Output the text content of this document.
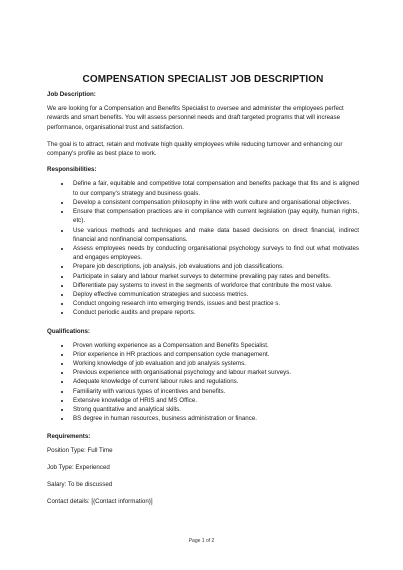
COMPENSATION SPECIALIST JOB DESCRIPTION
Job Description:

We are looking for a Compensation and Benefits Specialist to oversee and administer the employees perfect rewards and smart benefits. You will assess personnel needs and draft targeted programs that will increase performance, organisational trust and satisfaction.

The goal is to attract, retain and motivate high quality employees while reducing turnover and enhancing our company's profile as best place to work.

Responsibilities:
• Define a fair, equitable and competitive total compensation and benefits package that fits and is aligned to our company's strategy and business goals.
• Develop a consistent compensation philosophy in line with work culture and organisational objectives.
• Ensure that compensation practices are in compliance with current legislation (pay equity, human rights, etc).
• Use various methods and techniques and make data based decisions on direct financial, indirect financial and nonfinancial compensations.
• Assess employees needs by conducting organisational psychology surveys to find out what motivates and engages employees.
• Prepare job descriptions, job analysis, job evaluations and job classifications.
• Participate in salary and labour market surveys to determine prevailing pay rates and benefits.
• Differentiate pay systems to invest in the segments of workforce that contribute the most value.
• Deploy effective communication strategies and success metrics.
• Conduct ongoing research into emerging trends, issues and best practice s.
• Conduct periodic audits and prepare reports.
Qualifications:
• Proven working experience as a Compensation and Benefits Specialist.
• Prior experience in HR practices and compensation cycle management.
• Working knowledge of job evaluation and job analysis systems.
• Previous experience with organisational psychology and labour market surveys.
• Adequate knowledge of current labour rules and regulations.
• Familiarity with various types of incentives and benefits.
• Extensive knowledge of HRIS and MS Office.
• Strong quantitative and analytical skills.
• BS degree in human resources, business administration or finance.
Requirements:
Position Type: Full Time
Job Type: Experienced
Salary: To be discussed
Contact details: [(Contact information)]
Page 1 of 2
